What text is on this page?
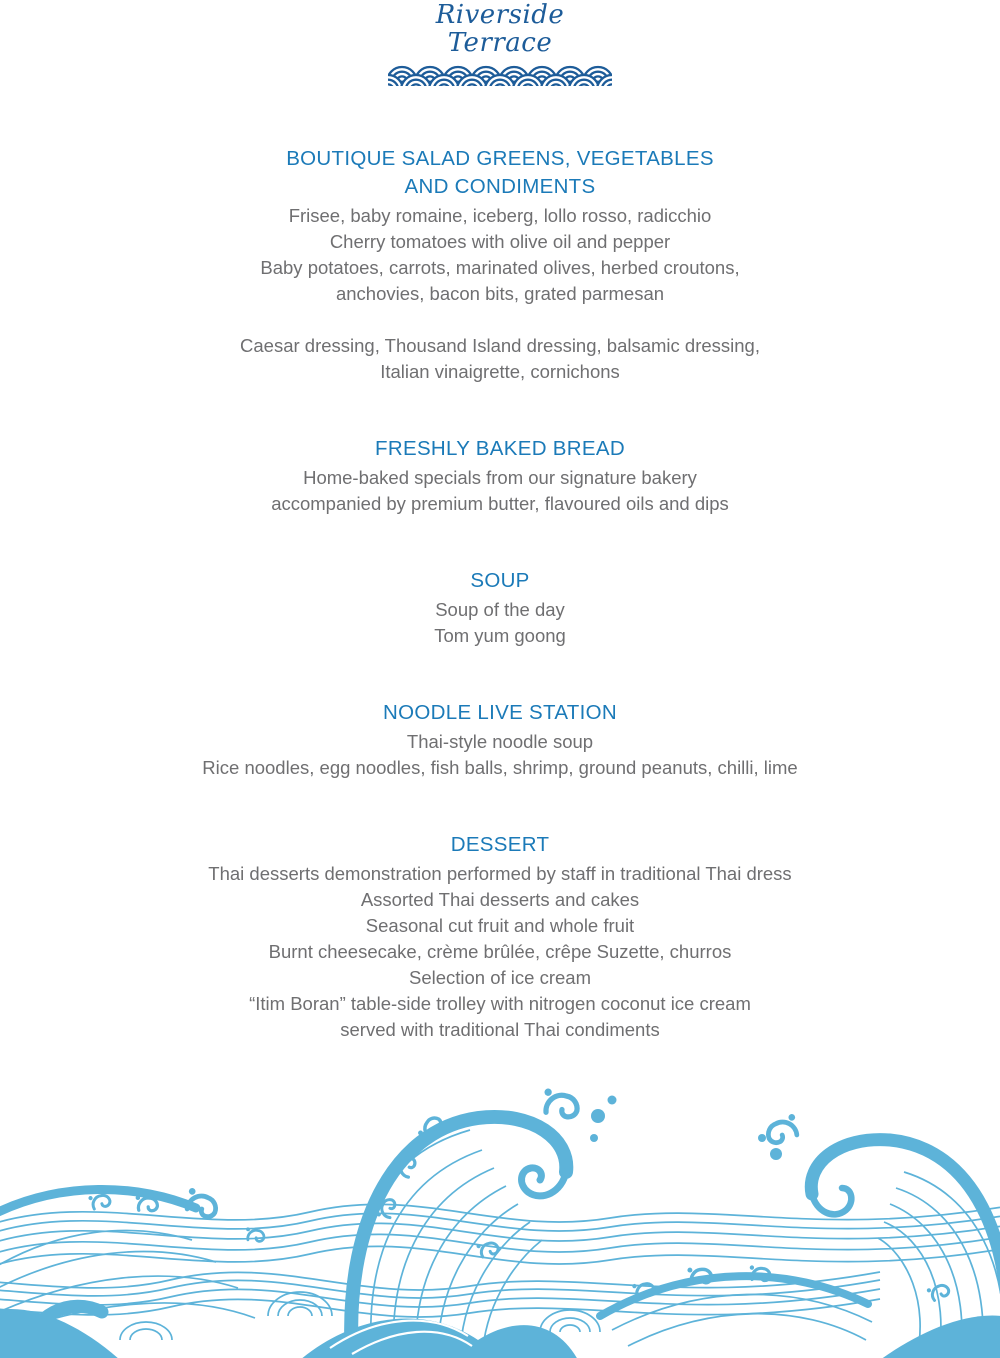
Riverside
Terrace
BOUTIQUE SALAD GREENS, VEGETABLES
AND CONDIMENTS
Frisee, baby romaine, iceberg, lollo rosso, radicchio
Cherry tomatoes with olive oil and pepper
Baby potatoes, carrots, marinated olives, herbed croutons,
anchovies, bacon bits, grated parmesan
Caesar dressing, Thousand Island dressing, balsamic dressing,
Italian vinaigrette, cornichons
FRESHLY BAKED BREAD
Home-baked specials from our signature bakery
accompanied by premium butter, flavoured oils and dips
SOUP
Soup of the day
Tom yum goong
NOODLE LIVE STATION
Thai-style noodle soup
Rice noodles, egg noodles, fish balls, shrimp, ground peanuts, chilli, lime
DESSERT
Thai desserts demonstration performed by staff in traditional Thai dress
Assorted Thai desserts and cakes
Seasonal cut fruit and whole fruit
Burnt cheesecake, crème brûlée, crêpe Suzette, churros
Selection of ice cream
“Itim Boran” table-side trolley with nitrogen coconut ice cream
served with traditional Thai condiments
